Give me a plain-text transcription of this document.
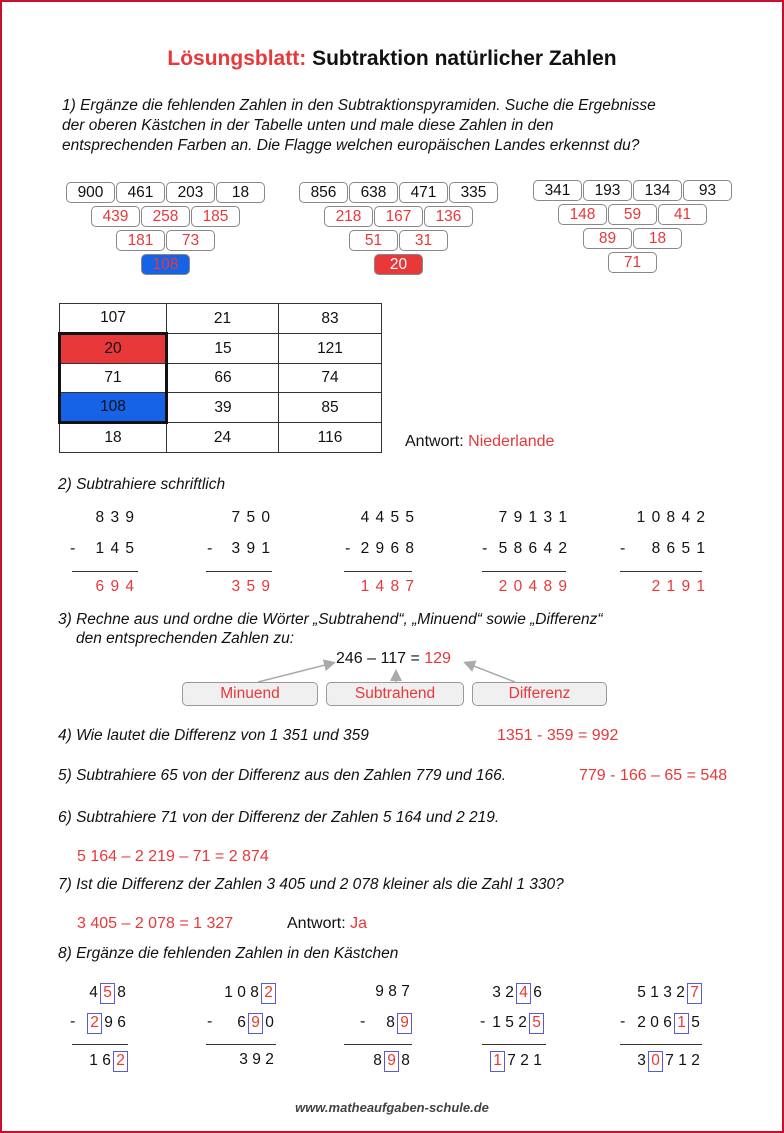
Lösungsblatt: Subtraktion natürlicher Zahlen
1) Ergänze die fehlenden Zahlen in den Subtraktionspyramiden. Suche die Ergebnisse
der oberen Kästchen in der Tabelle unten und male diese Zahlen in den
entsprechenden Farben an. Die Flagge welchen europäischen Landes erkennst du?
900	461	203	18
439	258	185
181	73
108
856	638	471	335
218	167	136
51	31
20
341	193	134	93
148	59	41
89	18
71
107	21	83
20	15	121
71	66	74
108	39	85
18	24	116	Antwort: Niederlande
2) Subtrahiere schriftlich
8 3 9
1 4 5
6 9 4
-
7 5 0
3 9 1
3 5 9
-
4 4 5 5
2 9 6 8
1 4 8 7
-
7 9 1 3 1
5 8 6 4 2
2 0 4 8 9
-
1 0 8 4 2
8 6 5 1
2 1 9 1
-
3) Rechne aus und ordne die Wörter „Subtrahend“, „Minuend“ sowie „Differenz“
den entsprechenden Zahlen zu:
246 – 117 = 129
Minuend	Subtrahend	Differenz
4) Wie lautet die Differenz von 1 351 und 359	1351 - 359 = 992
5) Subtrahiere 65 von der Differenz aus den Zahlen 779 und 166.	779 - 166 – 65 = 548
6) Subtrahiere 71 von der Differenz der Zahlen 5 164 und 2 219.
5 164 – 2 219 – 71 = 2 874
7) Ist die Differenz der Zahlen 3 405 und 2 078 kleiner als die Zahl 1 330?
3 405 – 2 078 = 1 327	Antwort: Ja
8) Ergänze die fehlenden Zahlen in den Kästchen
4 5 8
2 9 6
1 6 2
-
1 0 8 2
6 9 0
3 9 2
-
9 8 7
8 9
8 9 8
-
3 2 4 6
1 5 2 5
1 7 2 1
-
5 1 3 2 7
2 0 6 1 5
3 0 7 1 2
-
www.matheaufgaben-schule.de
